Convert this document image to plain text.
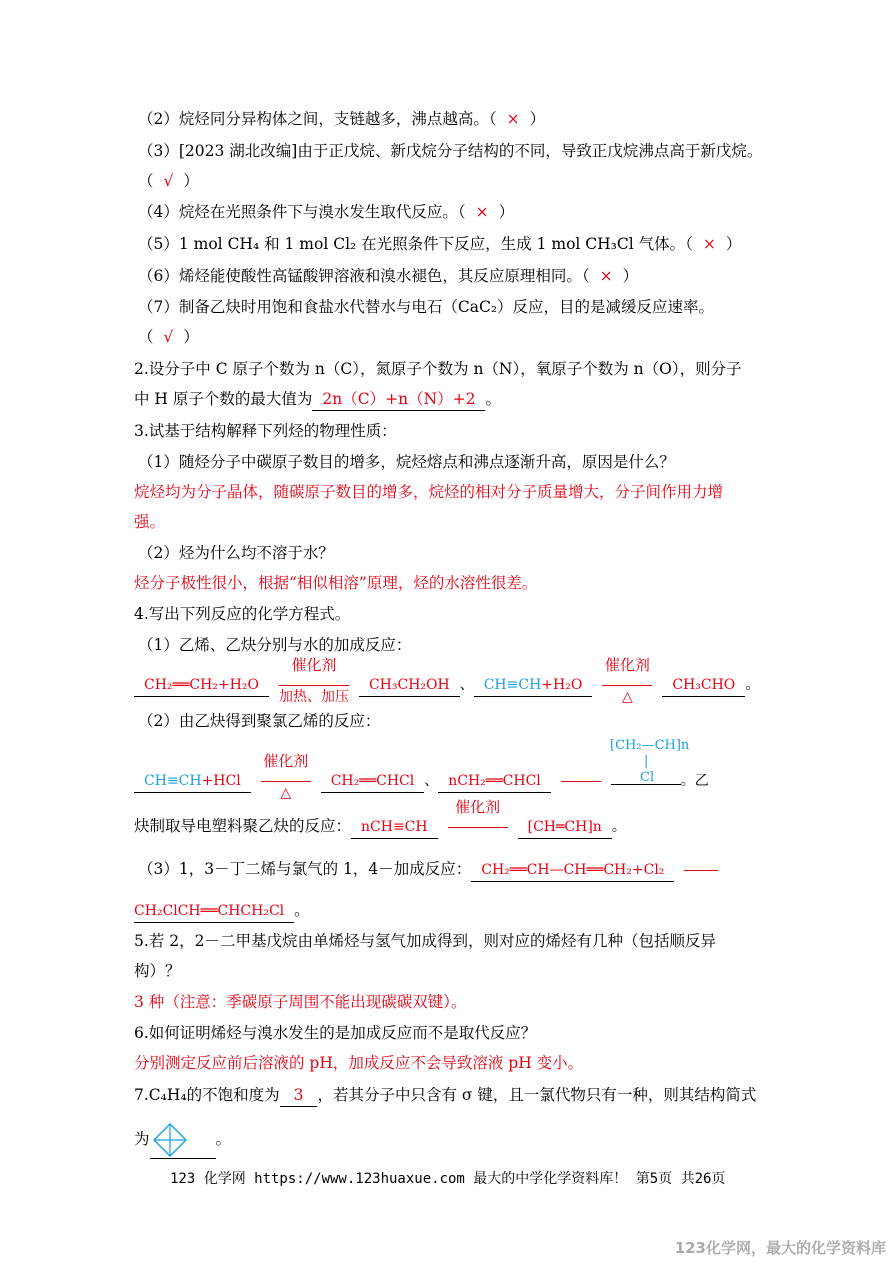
（2）烷烃同分异构体之间，支链越多，沸点越高。（ × ）
（3）[2023 湖北改编]由于正戊烷、新戊烷分子结构的不同，导致正戊烷沸点高于新戊烷。
（ √ ）
（4）烷烃在光照条件下与溴水发生取代反应。（ × ）
（5）1 mol CH₄ 和 1 mol Cl₂ 在光照条件下反应，生成 1 mol CH₃Cl 气体。（ × ）
（6）烯烃能使酸性高锰酸钾溶液和溴水褪色，其反应原理相同。（ × ）
（7）制备乙炔时用饱和食盐水代替水与电石（CaC₂）反应，目的是减缓反应速率。
（ √ ）
2.设分子中 C 原子个数为 n（C），氮原子个数为 n（N），氧原子个数为 n（O），则分子
中 H 原子个数的最大值为 2n（C）+n（N）+2 。
3.试基于结构解释下列烃的物理性质：
（1）随烃分子中碳原子数目的增多，烷烃熔点和沸点逐渐升高，原因是什么？
烷烃均为分子晶体，随碳原子数目的增多，烷烃的相对分子质量增大，分子间作用力增
强。
（2）烃为什么均不溶于水？
烃分子极性很小，根据“相似相溶”原理，烃的水溶性很差。
4.写出下列反应的化学方程式。
（1）乙烯、乙炔分别与水的加成反应：
CH₂══CH₂+H₂O
催化剂
加热、加压
CH₃CH₂OH 、 CH≡CH+H₂O
催化剂
△
CH₃CHO 。
（2）由乙炔得到聚氯乙烯的反应：
[CH₂—CH]n
|
Cl
CH≡CH+HCl
催化剂
△
CH₂══CHCl 、 nCH₂══CHCl	。乙
炔制取导电塑料聚乙炔的反应： nCH≡CH
催化剂
[CH═CH]n 。
（3）1，3－丁二烯与氯气的 1，4－加成反应： CH₂══CH—CH══CH₂+Cl₂
CH₂ClCH══CHCH₂Cl 。
5.若 2，2－二甲基戊烷由单烯烃与氢气加成得到，则对应的烯烃有几种（包括顺反异
构）？
3 种（注意：季碳原子周围不能出现碳碳双键）。
6.如何证明烯烃与溴水发生的是加成反应而不是取代反应？
分别测定反应前后溶液的 pH，加成反应不会导致溶液 pH 变小。
7.C₄H₄的不饱和度为 3 ，若其分子中只含有 σ 键，且一氯代物只有一种，则其结构简式
为	。
123 化学网 https://www.123huaxue.com 最大的中学化学资料库！ 第5页 共26页
123化学网，最大的化学资料库
